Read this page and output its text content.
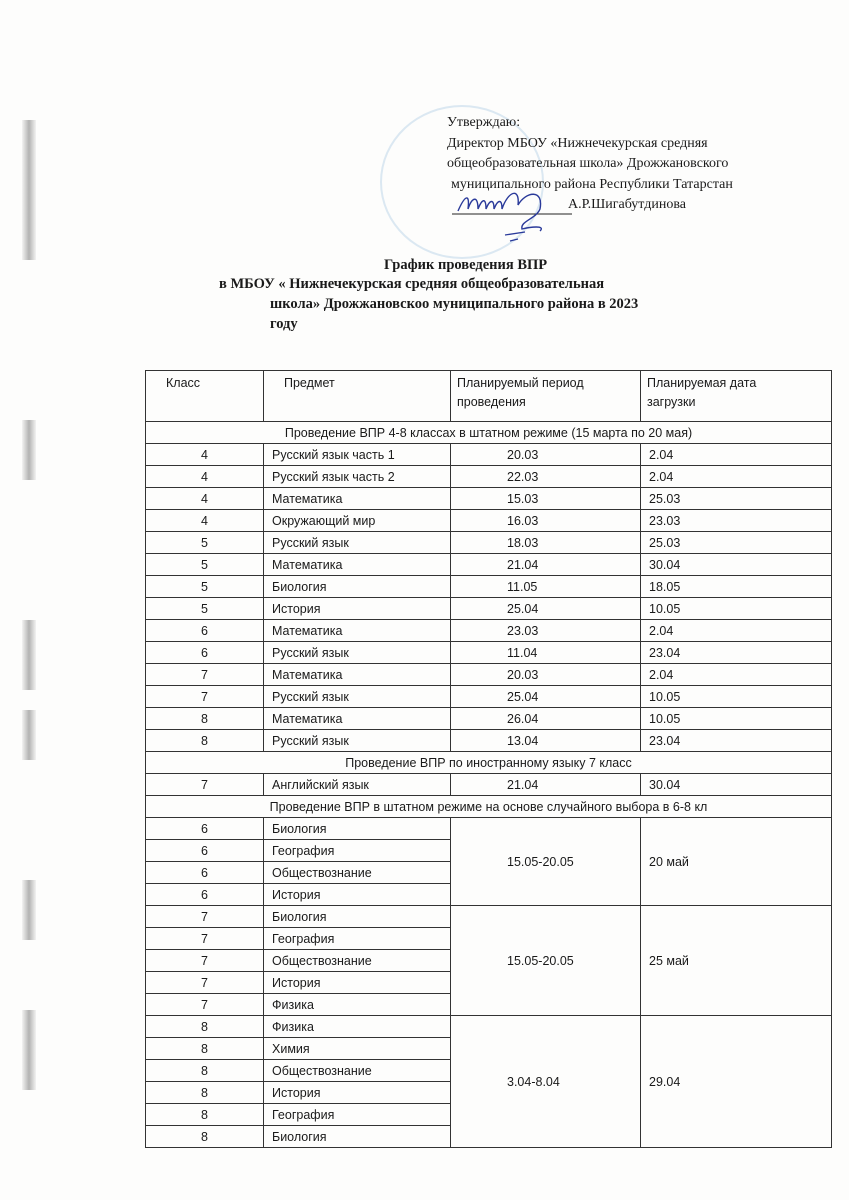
Утверждаю:
Директор МБОУ «Нижнечекурская средняя
общеобразовательная школа» Дрожжановского
муниципального района Республики Татарстан
А.Р.Шигабутдинова
График проведения ВПР
в МБОУ « Нижнечекурская средняя общеобразовательная
школа» Дрожжановскоо муниципального района в 2023
году
Класс	Предмет	Планируемый период проведения	Планируемая дата загрузки
Проведение ВПР 4-8 классах в штатном режиме (15 марта по 20 мая)			
4	Русский язык часть 1	20.03	2.04
4	Русский язык часть 2	22.03	2.04
4	Математика	15.03	25.03
4	Окружающий мир	16.03	23.03
5	Русский язык	18.03	25.03
5	Математика	21.04	30.04
5	Биология	11.05	18.05
5	История	25.04	10.05
6	Математика	23.03	2.04
6	Русский язык	11.04	23.04
7	Математика	20.03	2.04
7	Русский язык	25.04	10.05
8	Математика	26.04	10.05
8	Русский язык	13.04	23.04
Проведение ВПР по иностранному языку 7 класс			
7	Английский язык	21.04	30.04
Проведение ВПР в штатном режиме на основе случайного выбора в 6-8 кл			
6	Биология	15.05-20.05	20 май
6	География		
6	Обществознание		
6	История		
7	Биология	15.05-20.05	25 май
7	География		
7	Обществознание		
7	История		
7	Физика		
8	Физика	3.04-8.04	29.04
8	Химия		
8	Обществознание		
8	История		
8	География		
8	Биология		
